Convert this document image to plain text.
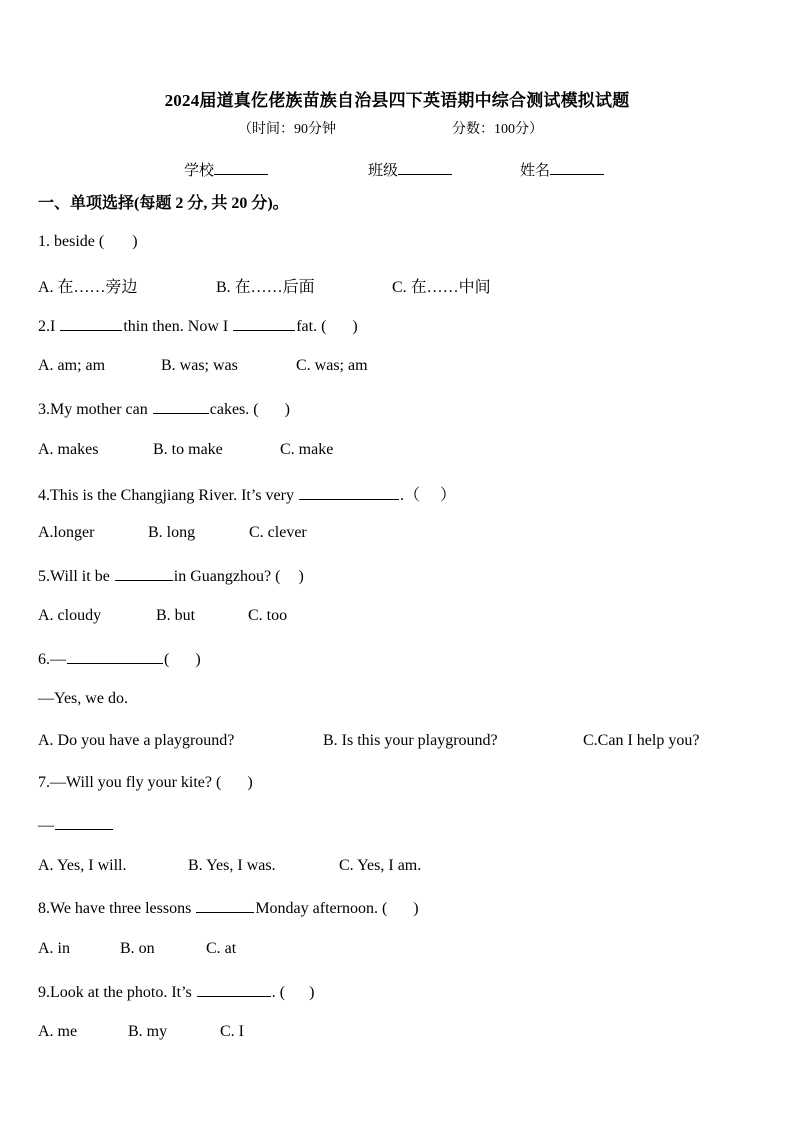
2024届道真仡佬族苗族自治县四下英语期中综合测试模拟试题
（时间：90分钟	分数：100分）
学校	班级	姓名
一、单项选择(每题 2 分, 共 20 分)。
1. beside ( )
A. 在……旁边	B. 在……后面	C. 在……中间
2.I	thin then. Now I	fat. ( )
A. am; am	B. was; was	C. was; am
3.My mother can	cakes. ( )
A. makes	B. to make	C. make
4.This is the Changjiang River. It’s very	.（ ）
A.longer	B. long	C. clever
5.Will it be	in Guangzhou? ( )
A. cloudy	B. but	C. too
6.—	( )
—Yes, we do.
A. Do you have a playground?	B. Is this your playground?	C.Can I help you?
7.—Will you fly your kite? ( )
—
A. Yes, I will.	B. Yes, I was.	C. Yes, I am.
8.We have three lessons	Monday afternoon. ( )
A. in	B. on	C. at
9.Look at the photo. It’s	. ( )
A. me	B. my	C. I
